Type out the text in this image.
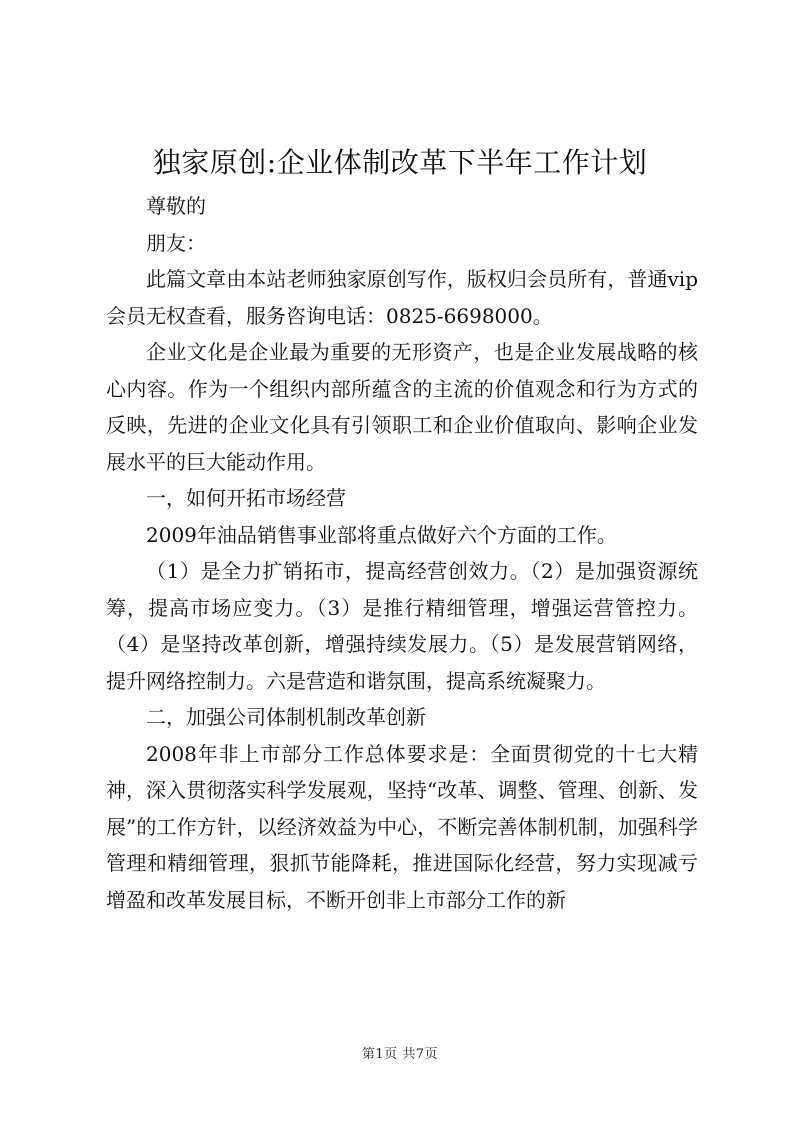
独家原创:企业体制改革下半年工作计划

尊敬的

朋友：

此篇文章由本站老师独家原创写作，版权归会员所有，普通vip会员无权查看，服务咨询电话：0825-6698000。

企业文化是企业最为重要的无形资产，也是企业发展战略的核心内容。作为一个组织内部所蕴含的主流的价值观念和行为方式的反映，先进的企业文化具有引领职工和企业价值取向、影响企业发展水平的巨大能动作用。

一，如何开拓市场经营

2009年油品销售事业部将重点做好六个方面的工作。

（1）是全力扩销拓市，提高经营创效力。（2）是加强资源统筹，提高市场应变力。（3）是推行精细管理，增强运营管控力。（4）是坚持改革创新，增强持续发展力。（5）是发展营销网络，提升网络控制力。六是营造和谐氛围，提高系统凝聚力。

二，加强公司体制机制改革创新

2008年非上市部分工作总体要求是：全面贯彻党的十七大精神，深入贯彻落实科学发展观，坚持“改革、调整、管理、创新、发展”的工作方针，以经济效益为中心，不断完善体制机制，加强科学管理和精细管理，狠抓节能降耗，推进国际化经营，努力实现减亏增盈和改革发展目标，不断开创非上市部分工作的新

第1页 共7页
